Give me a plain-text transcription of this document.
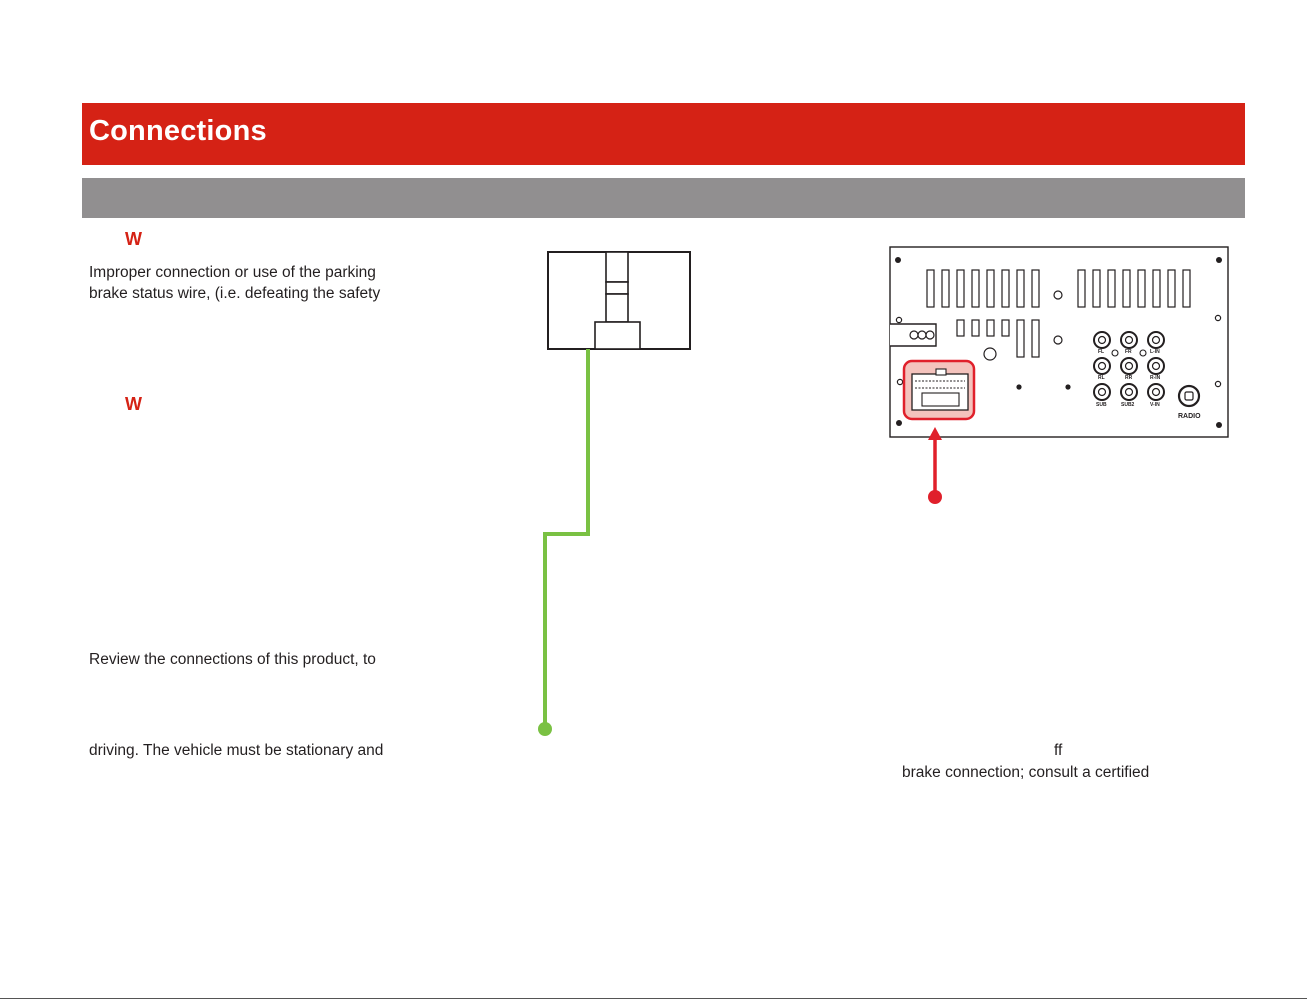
Connections
W
Improper connection or use of the parking
brake status wire, (i.e. defeating the safety
W
Review the connections of this product, to
driving. The vehicle must be stationary and	ff
brake connection; consult a certified
FL	FR	L-IN
RL	RR	R-IN
SUB	SUB2	V-IN
RADIO
